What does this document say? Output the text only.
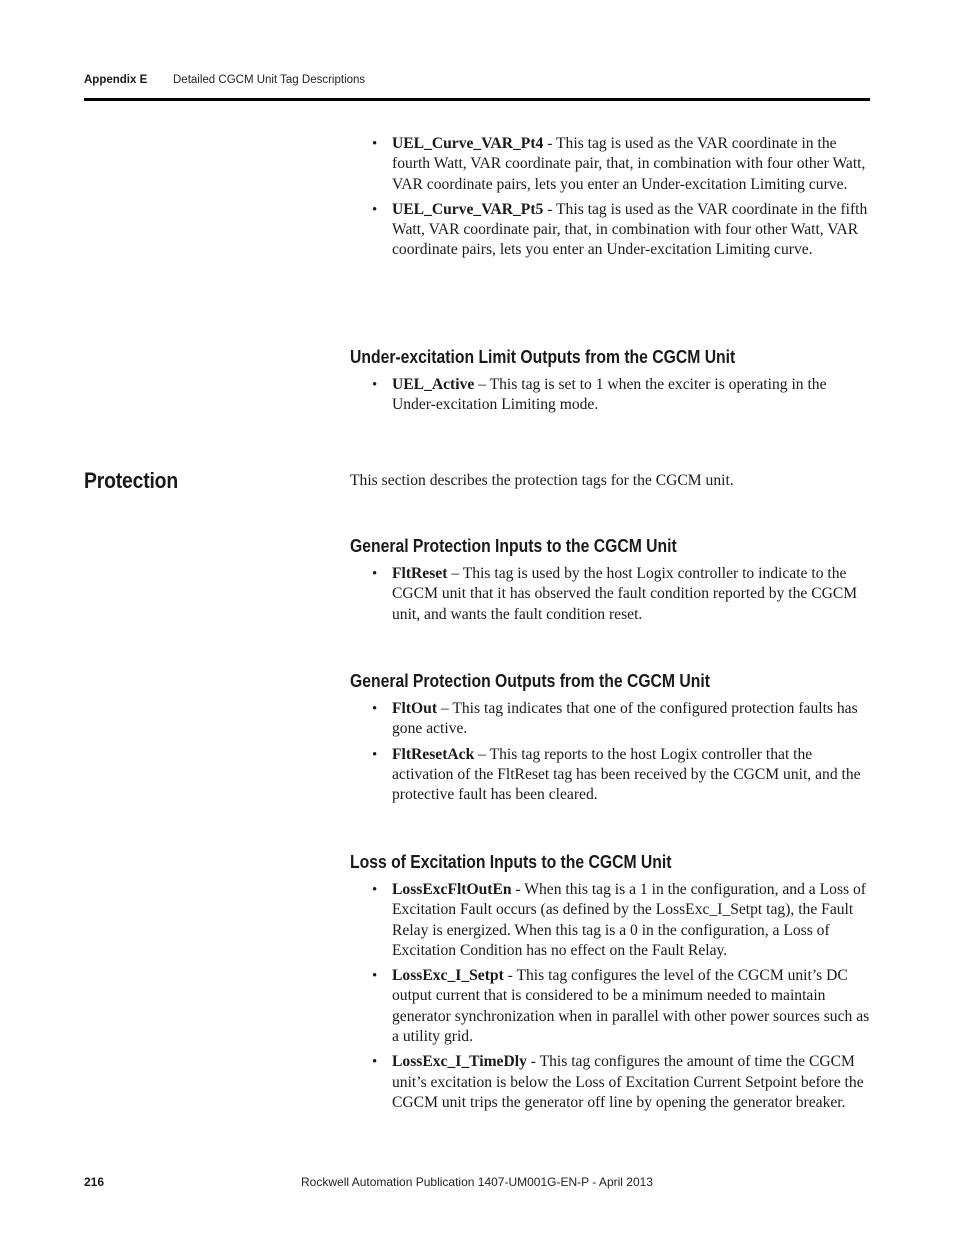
Appendix E Detailed CGCM Unit Tag Descriptions
Protection
• UEL_Curve_VAR_Pt4 - This tag is used as the VAR coordinate in the fourth Watt, VAR coordinate pair, that, in combination with four other Watt, VAR coordinate pairs, lets you enter an Under-excitation Limiting curve.
• UEL_Curve_VAR_Pt5 - This tag is used as the VAR coordinate in the fifth Watt, VAR coordinate pair, that, in combination with four other Watt, VAR coordinate pairs, lets you enter an Under-excitation Limiting curve.
Under-excitation Limit Outputs from the CGCM Unit
• UEL_Active – This tag is set to 1 when the exciter is operating in the Under-excitation Limiting mode.

This section describes the protection tags for the CGCM unit.

General Protection Inputs to the CGCM Unit
• FltReset – This tag is used by the host Logix controller to indicate to the CGCM unit that it has observed the fault condition reported by the CGCM unit, and wants the fault condition reset.
General Protection Outputs from the CGCM Unit
• FltOut – This tag indicates that one of the configured protection faults has gone active.
• FltResetAck – This tag reports to the host Logix controller that the activation of the FltReset tag has been received by the CGCM unit, and the protective fault has been cleared.
Loss of Excitation Inputs to the CGCM Unit
• LossExcFltOutEn - When this tag is a 1 in the configuration, and a Loss of Excitation Fault occurs (as defined by the LossExc_I_Setpt tag), the Fault Relay is energized. When this tag is a 0 in the configuration, a Loss of Excitation Condition has no effect on the Fault Relay.
• LossExc_I_Setpt - This tag configures the level of the CGCM unit’s DC output current that is considered to be a minimum needed to maintain generator synchronization when in parallel with other power sources such as a utility grid.
• LossExc_I_TimeDly - This tag configures the amount of time the CGCM unit’s excitation is below the Loss of Excitation Current Setpoint before the CGCM unit trips the generator off line by opening the generator breaker.
216	Rockwell Automation Publication 1407-UM001G-EN-P - April 2013
